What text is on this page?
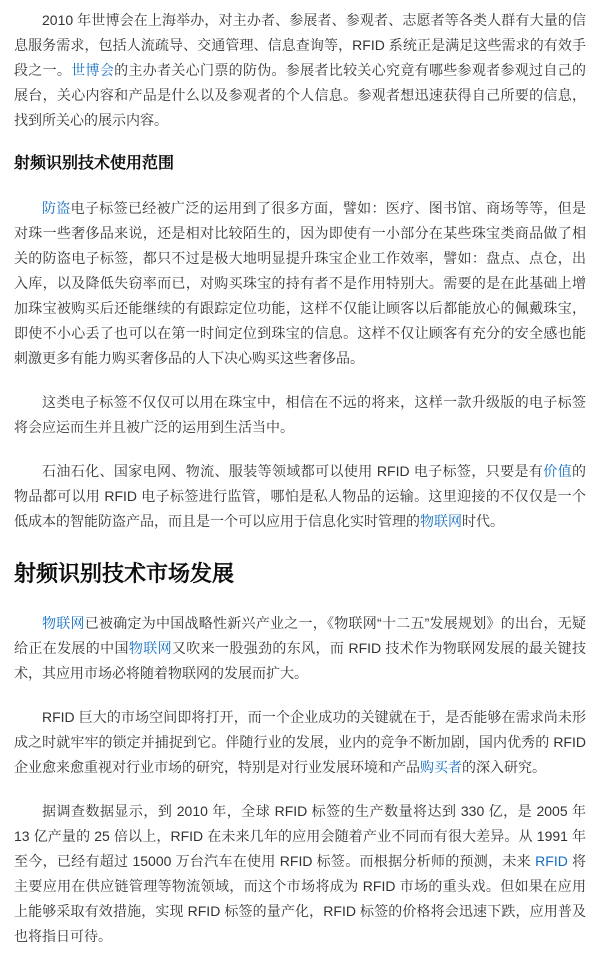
2010 年世博会在上海举办，对主办者、参展者、参观者、志愿者等各类人群有大量的信息服务需求，包括人流疏导、交通管理、信息查询等，RFID 系统正是满足这些需求的有效手段之一。世博会的主办者关心门票的防伪。参展者比较关心究竟有哪些参观者参观过自己的展台，关心内容和产品是什么以及参观者的个人信息。参观者想迅速获得自己所要的信息，找到所关心的展示内容。

射频识别技术使用范围

防盗电子标签已经被广泛的运用到了很多方面，譬如：医疗、图书馆、商场等等，但是对珠一些奢侈品来说，还是相对比较陌生的，因为即使有一小部分在某些珠宝类商品做了相关的防盗电子标签，都只不过是极大地明显提升珠宝企业工作效率，譬如：盘点、点仓，出入库，以及降低失窃率而已，对购买珠宝的持有者不是作用特别大。需要的是在此基础上增加珠宝被购买后还能继续的有跟踪定位功能，这样不仅能让顾客以后都能放心的佩戴珠宝，即使不小心丢了也可以在第一时间定位到珠宝的信息。这样不仅让顾客有充分的安全感也能刺激更多有能力购买奢侈品的人下决心购买这些奢侈品。

这类电子标签不仅仅可以用在珠宝中，相信在不远的将来，这样一款升级版的电子标签将会应运而生并且被广泛的运用到生活当中。

石油石化、国家电网、物流、服装等领域都可以使用 RFID 电子标签，只要是有价值的物品都可以用 RFID 电子标签进行监管，哪怕是私人物品的运输。这里迎接的不仅仅是一个低成本的智能防盗产品，而且是一个可以应用于信息化实时管理的物联网时代。

射频识别技术市场发展

物联网已被确定为中国战略性新兴产业之一，《物联网“十二五”发展规划》的出台，无疑给正在发展的中国物联网又吹来一股强劲的东风，而 RFID 技术作为物联网发展的最关键技术，其应用市场必将随着物联网的发展而扩大。

RFID 巨大的市场空间即将打开，而一个企业成功的关键就在于，是否能够在需求尚未形成之时就牢牢的锁定并捕捉到它。伴随行业的发展，业内的竞争不断加剧，国内优秀的 RFID 企业愈来愈重视对行业市场的研究，特别是对行业发展环境和产品购买者的深入研究。

据调查数据显示，到 2010 年，全球 RFID 标签的生产数量将达到 330 亿，是 2005 年 13 亿产量的 25 倍以上，RFID 在未来几年的应用会随着产业不同而有很大差异。从 1991 年至今，已经有超过 15000 万台汽车在使用 RFID 标签。而根据分析师的预测，未来 RFID 将主要应用在供应链管理等物流领域，而这个市场将成为 RFID 市场的重头戏。但如果在应用上能够采取有效措施，实现 RFID 标签的量产化，RFID 标签的价格将会迅速下跌，应用普及也将指日可待。
